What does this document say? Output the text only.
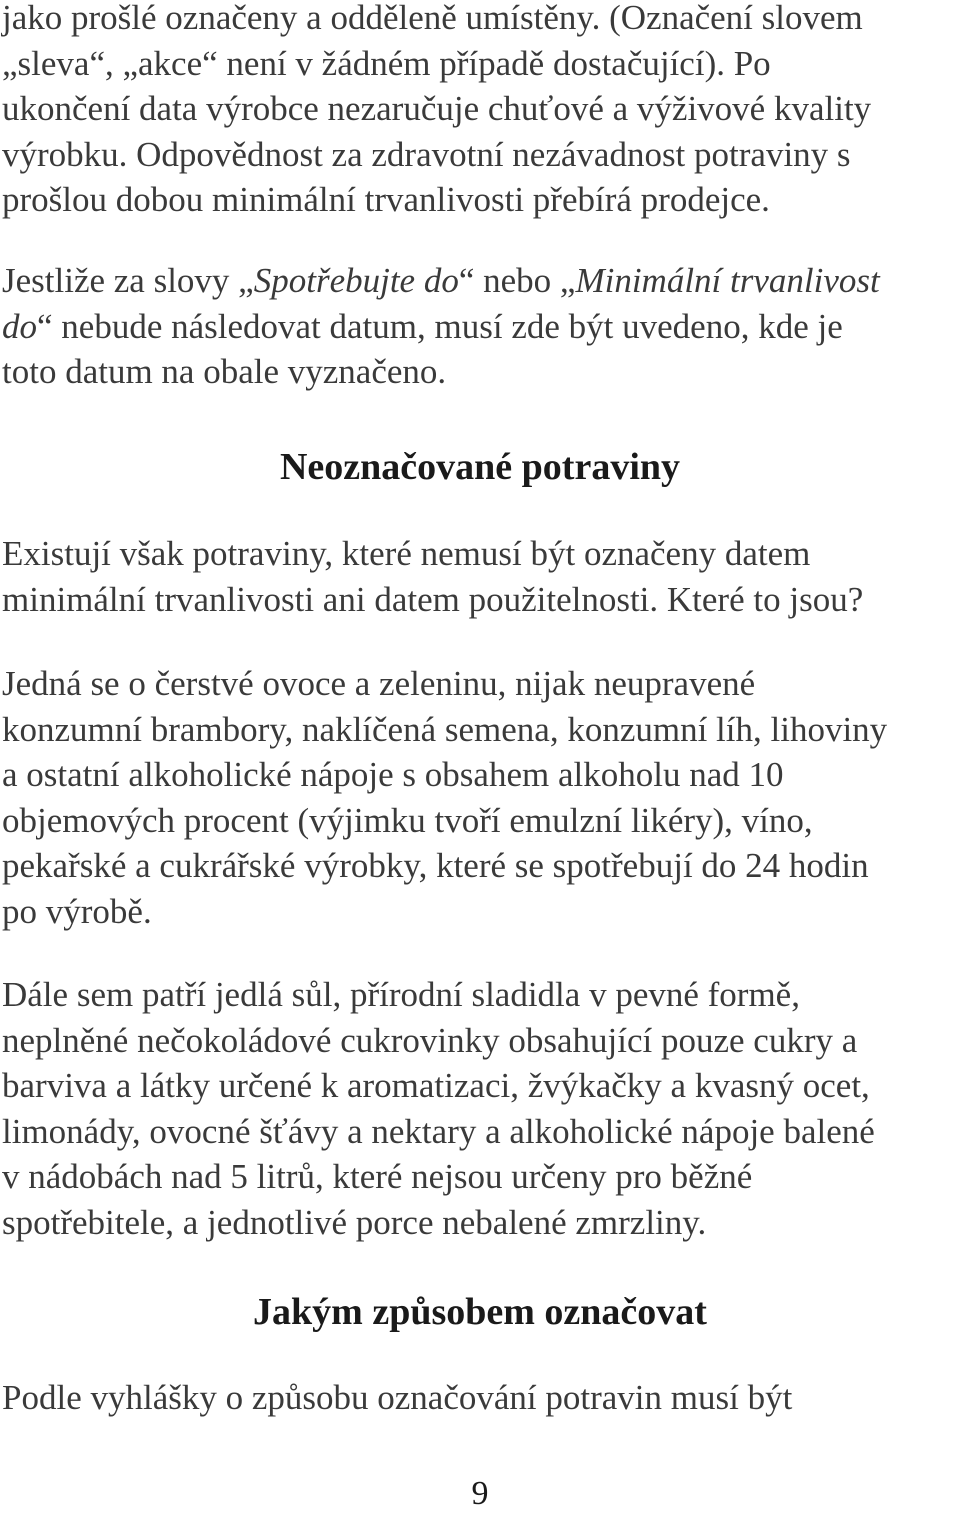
jako prošlé označeny a odděleně umístěny. (Označení slovem
„sleva“, „akce“ není v žádném případě dostačující). Po
ukončení data výrobce nezaručuje chuťové a výživové kvality
výrobku. Odpovědnost za zdravotní nezávadnost potraviny s
prošlou dobou minimální trvanlivosti přebírá prodejce.

Jestliže za slovy „Spotřebujte do“ nebo „Minimální trvanlivost
do“ nebude následovat datum, musí zde být uvedeno, kde je
toto datum na obale vyznačeno.

Neoznačované potraviny

Existují však potraviny, které nemusí být označeny datem
minimální trvanlivosti ani datem použitelnosti. Které to jsou?

Jedná se o čerstvé ovoce a zeleninu, nijak neupravené
konzumní brambory, naklíčená semena, konzumní líh, lihoviny
a ostatní alkoholické nápoje s obsahem alkoholu nad 10
objemových procent (výjimku tvoří emulzní likéry), víno,
pekařské a cukrářské výrobky, které se spotřebují do 24 hodin
po výrobě.

Dále sem patří jedlá sůl, přírodní sladidla v pevné formě,
neplněné nečokoládové cukrovinky obsahující pouze cukry a
barviva a látky určené k aromatizaci, žvýkačky a kvasný ocet,
limonády, ovocné šťávy a nektary a alkoholické nápoje balené
v nádobách nad 5 litrů, které nejsou určeny pro běžné
spotřebitele, a jednotlivé porce nebalené zmrzliny.

Jakým způsobem označovat

Podle vyhlášky o způsobu označování potravin musí být

9
